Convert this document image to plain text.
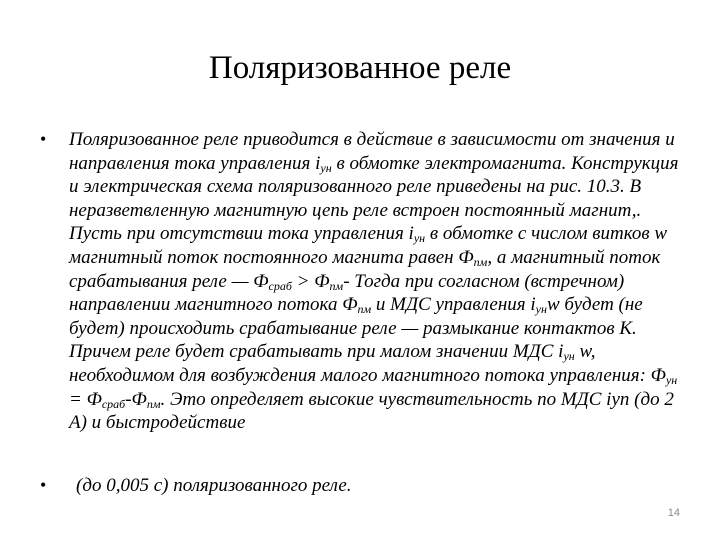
Поляризованное реле
• Поляризованное реле приводится в действие в зависимости от значения и направления тока управления $i_{ун}$ в обмотке электромагнита. Конструкция и электрическая схема поляризованного реле приведены на рис. 10.3. В неразветвленную магнитную цепь реле встроен постоянный магнит,. Пусть при отсутствии тока управления $i_{ун}$ в обмотке с числом витков w магнитный поток постоянного магнита равен $Ф_{пм}$, а магнитный поток срабатывания реле — $Ф_{сраб} > Ф_{пм}-$ Тогда при согласном (встречном) направлении магнитного потока $Ф_{пм}$ и МДС управления $i_{ун}w$ будет (не будет) происходить срабатывание реле — размыкание контактов К. Причем реле будет срабатывать при малом значении МДС $i_{ун}$ w, необходимом для возбуждения малого магнитного потока управления: $Ф_{ун} = Ф_{сраб}-Ф_{пм}$. Это определяет высокие чувствительность по МДС iуп (до 2 А) и быстродействие
• (до 0,005 с) поляризованного реле.
14
